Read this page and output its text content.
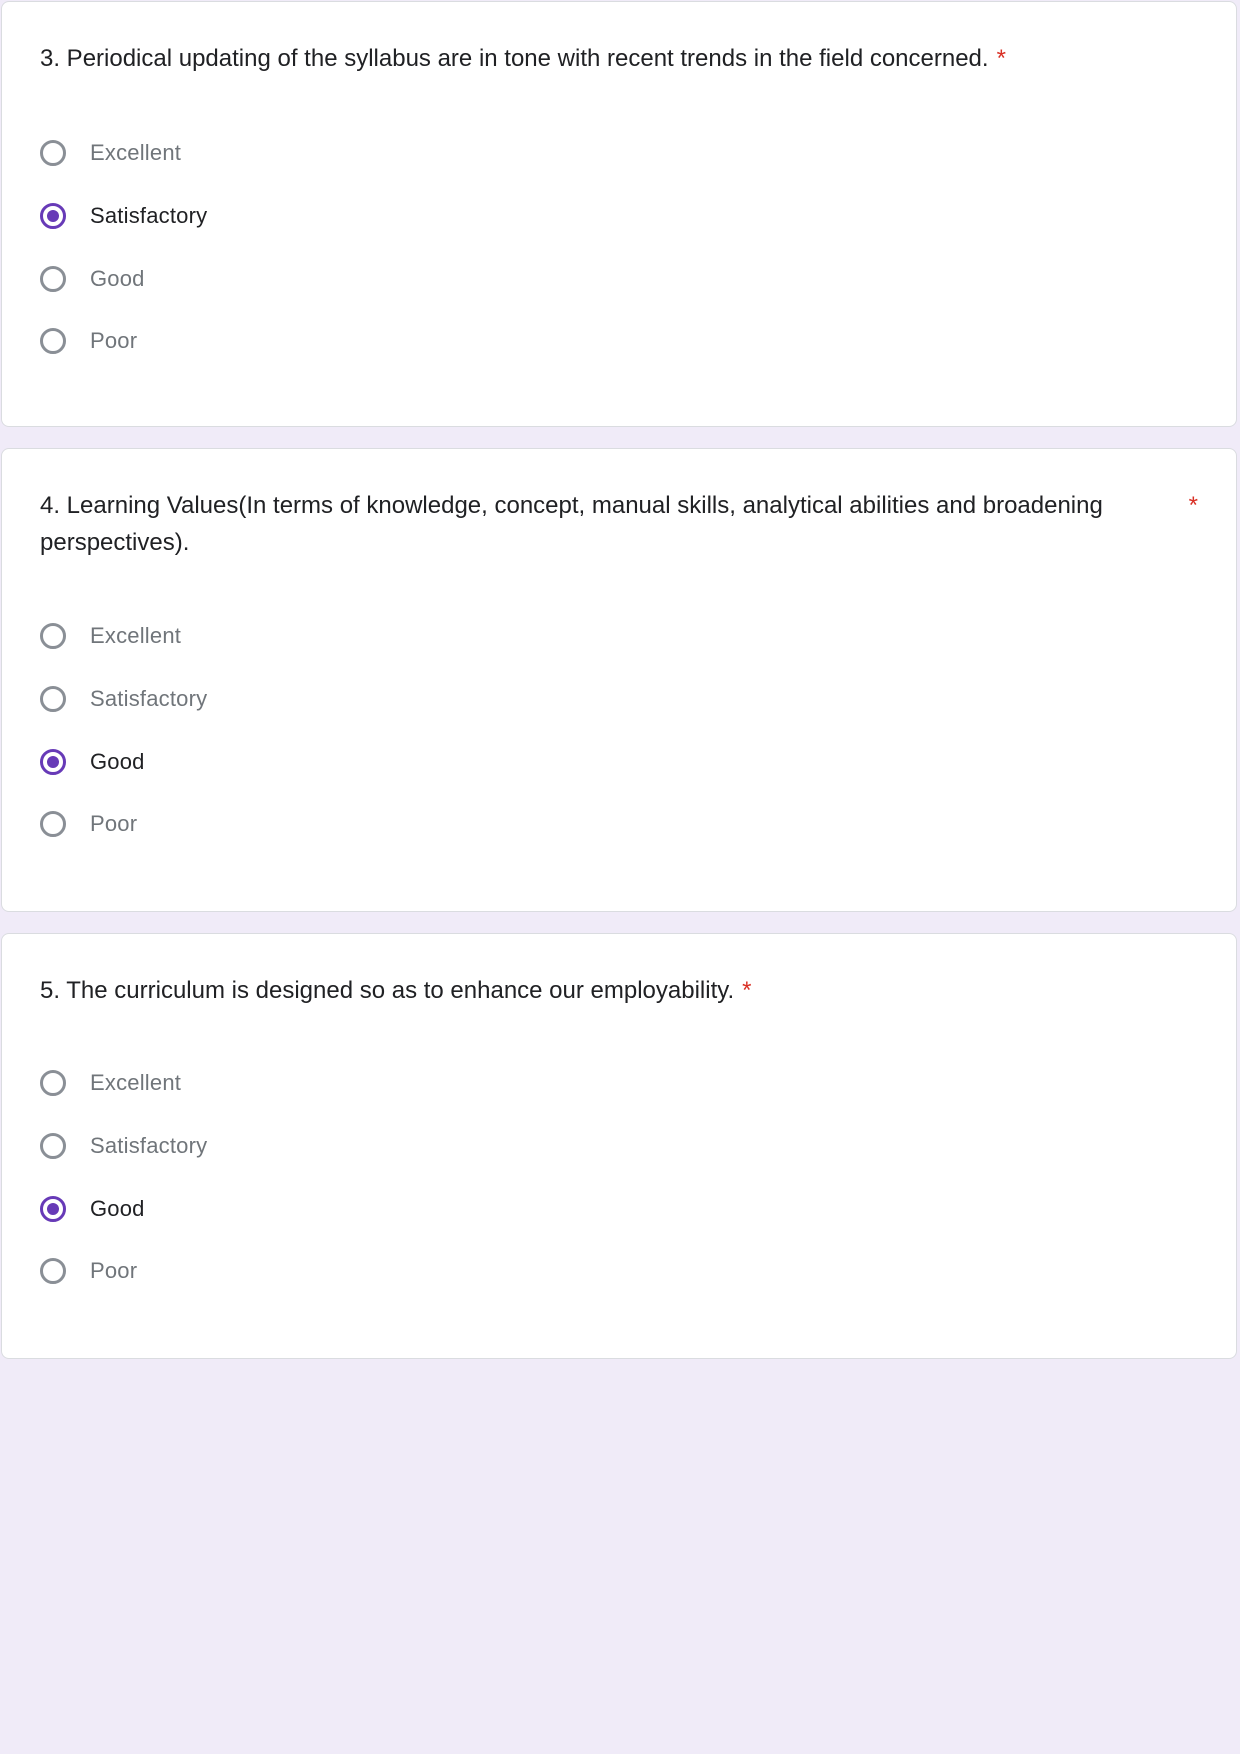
3. Periodical updating of the syllabus are in tone with recent trends in the field concerned. *
Excellent
Satisfactory
Good
Poor
4. Learning Values(In terms of knowledge, concept, manual skills, analytical abilities and broadening perspectives).
*
Excellent
Satisfactory
Good
Poor
5. The curriculum is designed so as to enhance our employability. *
Excellent
Satisfactory
Good
Poor
